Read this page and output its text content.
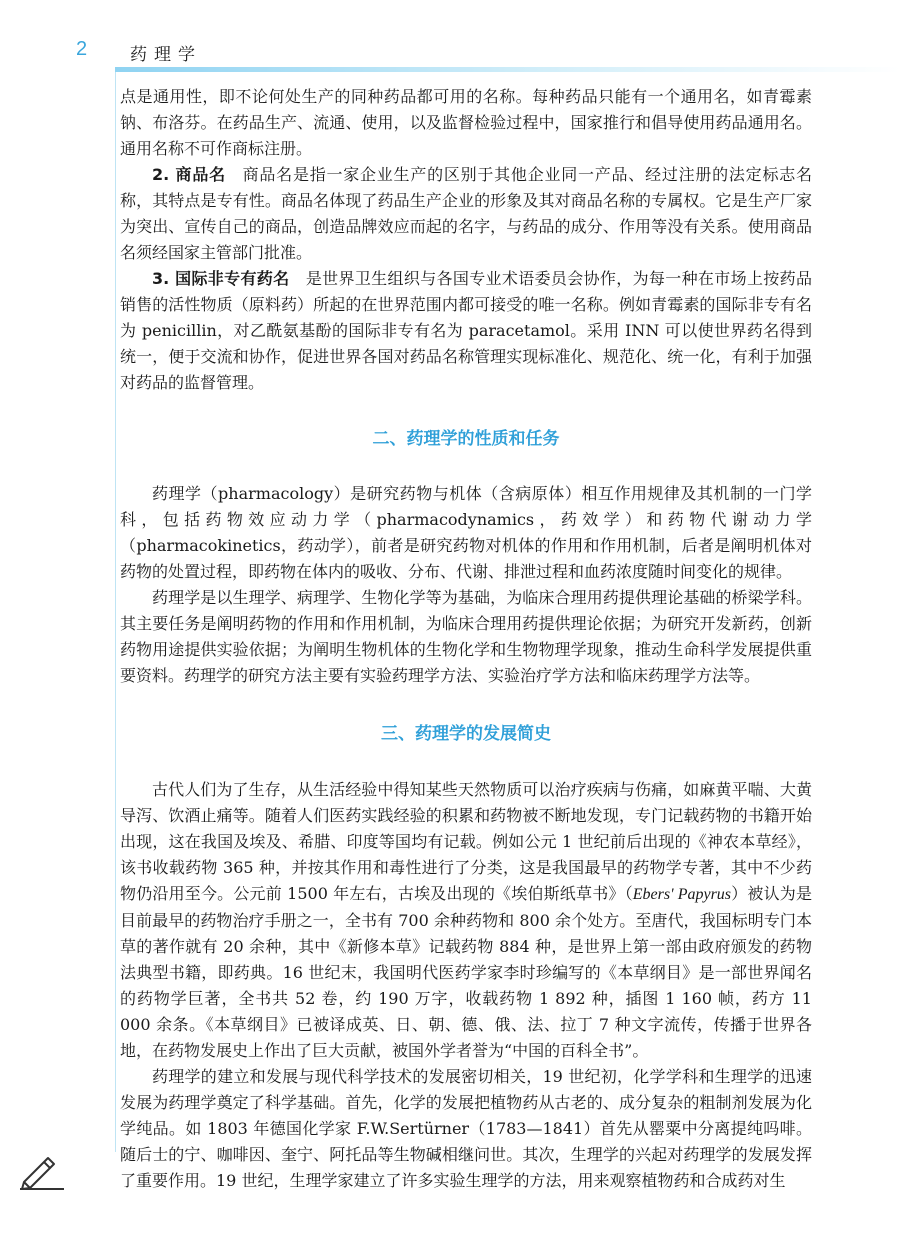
2	药理学

点是通用性，即不论何处生产的同种药品都可用的名称。每种药品只能有一个通用名，如青霉素钠、布洛芬。在药品生产、流通、使用，以及监督检验过程中，国家推行和倡导使用药品通用名。通用名称不可作商标注册。

2. 商品名　 商品名是指一家企业生产的区别于其他企业同一产品、经过注册的法定标志名称，其特点是专有性。商品名体现了药品生产企业的形象及其对商品名称的专属权。它是生产厂家为突出、宣传自己的商品，创造品牌效应而起的名字，与药品的成分、作用等没有关系。使用商品名须经国家主管部门批准。

3. 国际非专有药名　 是世界卫生组织与各国专业术语委员会协作，为每一种在市场上按药品销售的活性物质（原料药）所起的在世界范围内都可接受的唯一名称。例如青霉素的国际非专有名为 penicillin，对乙酰氨基酚的国际非专有名为 paracetamol。采用 INN 可以使世界药名得到统一，便于交流和协作，促进世界各国对药品名称管理实现标准化、规范化、统一化，有利于加强对药品的监督管理。

二、药理学的性质和任务

药理学（pharmacology）是研究药物与机体（含病原体）相互作用规律及其机制的一门学科，包括药物效应动力学（pharmacodynamics，药效学）和药物代谢动力学（pharmacokinetics，药动学），前者是研究药物对机体的作用和作用机制，后者是阐明机体对药物的处置过程，即药物在体内的吸收、分布、代谢、排泄过程和血药浓度随时间变化的规律。

药理学是以生理学、病理学、生物化学等为基础，为临床合理用药提供理论基础的桥梁学科。其主要任务是阐明药物的作用和作用机制，为临床合理用药提供理论依据；为研究开发新药，创新药物用途提供实验依据；为阐明生物机体的生物化学和生物物理学现象，推动生命科学发展提供重要资料。药理学的研究方法主要有实验药理学方法、实验治疗学方法和临床药理学方法等。

三、药理学的发展简史

古代人们为了生存，从生活经验中得知某些天然物质可以治疗疾病与伤痛，如麻黄平喘、大黄导泻、饮酒止痛等。随着人们医药实践经验的积累和药物被不断地发现，专门记载药物的书籍开始出现，这在我国及埃及、希腊、印度等国均有记载。例如公元 1 世纪前后出现的《神农本草经》，该书收载药物 365 种，并按其作用和毒性进行了分类，这是我国最早的药物学专著，其中不少药物仍沿用至今。公元前 1500 年左右，古埃及出现的《埃伯斯纸草书》（Ebers' Papyrus）被认为是目前最早的药物治疗手册之一，全书有 700 余种药物和 800 余个处方。至唐代，我国标明专门本草的著作就有 20 余种，其中《新修本草》记载药物 884 种，是世界上第一部由政府颁发的药物法典型书籍，即药典。16 世纪末，我国明代医药学家李时珍编写的《本草纲目》是一部世界闻名的药物学巨著，全书共 52 卷，约 190 万字，收载药物 1 892 种，插图 1 160 帧，药方 11 000 余条。《本草纲目》已被译成英、日、朝、德、俄、法、拉丁 7 种文字流传，传播于世界各地，在药物发展史上作出了巨大贡献，被国外学者誉为“中国的百科全书”。

药理学的建立和发展与现代科学技术的发展密切相关，19 世纪初，化学学科和生理学的迅速发展为药理学奠定了科学基础。首先，化学的发展把植物药从古老的、成分复杂的粗制剂发展为化学纯品。如 1803 年德国化学家 F.W.Sertürner（1783—1841）首先从罂粟中分离提纯吗啡。随后士的宁、咖啡因、奎宁、阿托品等生物碱相继问世。其次，生理学的兴起对药理学的发展发挥了重要作用。19 世纪，生理学家建立了许多实验生理学的方法，用来观察植物药和合成药对生
